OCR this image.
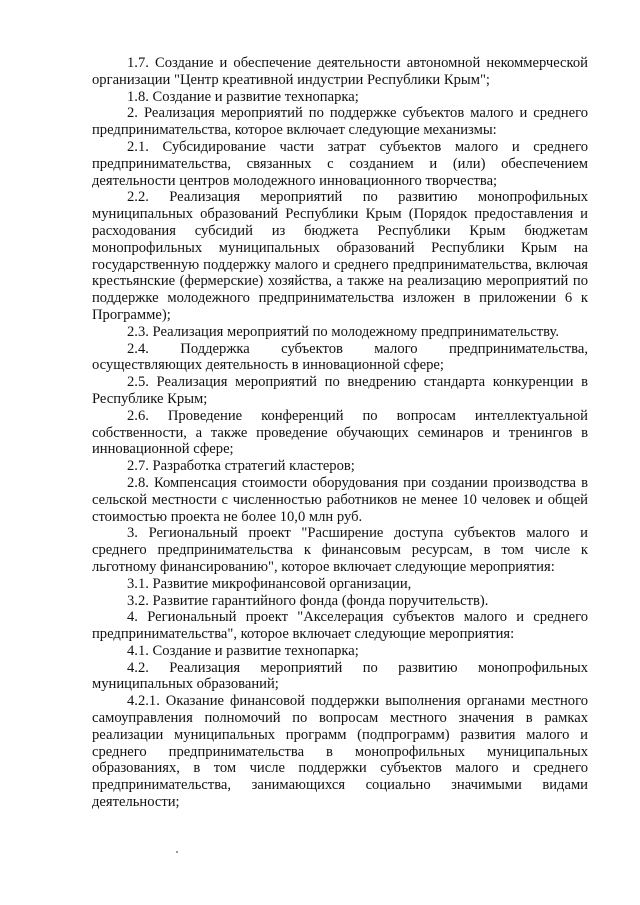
1.7. Создание и обеспечение деятельности автономной некоммерческой организации "Центр креативной индустрии Республики Крым";

1.8. Создание и развитие технопарка;

2. Реализация мероприятий по поддержке субъектов малого и среднего предпринимательства, которое включает следующие механизмы:

2.1. Субсидирование части затрат субъектов малого и среднего предпринимательства, связанных с созданием и (или) обеспечением деятельности центров молодежного инновационного творчества;

2.2. Реализация мероприятий по развитию монопрофильных муниципальных образований Республики Крым (Порядок предоставления и расходования субсидий из бюджета Республики Крым бюджетам монопрофильных муниципальных образований Республики Крым на государственную поддержку малого и среднего предпринимательства, включая крестьянские (фермерские) хозяйства, а также на реализацию мероприятий по поддержке молодежного предпринимательства изложен в приложении 6 к Программе);

2.3. Реализация мероприятий по молодежному предпринимательству.

2.4. Поддержка субъектов малого предпринимательства, осуществляющих деятельность в инновационной сфере;

2.5. Реализация мероприятий по внедрению стандарта конкуренции в Республике Крым;

2.6. Проведение конференций по вопросам интеллектуальной собственности, а также проведение обучающих семинаров и тренингов в инновационной сфере;

2.7. Разработка стратегий кластеров;

2.8. Компенсация стоимости оборудования при создании производства в сельской местности с численностью работников не менее 10 человек и общей стоимостью проекта не более 10,0 млн руб.

3. Региональный проект "Расширение доступа субъектов малого и среднего предпринимательства к финансовым ресурсам, в том числе к льготному финансированию", которое включает следующие мероприятия:

3.1. Развитие микрофинансовой организации,

3.2. Развитие гарантийного фонда (фонда поручительств).

4. Региональный проект "Акселерация субъектов малого и среднего предпринимательства", которое включает следующие мероприятия:

4.1. Создание и развитие технопарка;

4.2. Реализация мероприятий по развитию монопрофильных муниципальных образований;

4.2.1. Оказание финансовой поддержки выполнения органами местного самоуправления полномочий по вопросам местного значения в рамках реализации муниципальных программ (подпрограмм) развития малого и среднего предпринимательства в монопрофильных муниципальных образованиях, в том числе поддержки субъектов малого и среднего предпринимательства, занимающихся социально значимыми видами деятельности;
